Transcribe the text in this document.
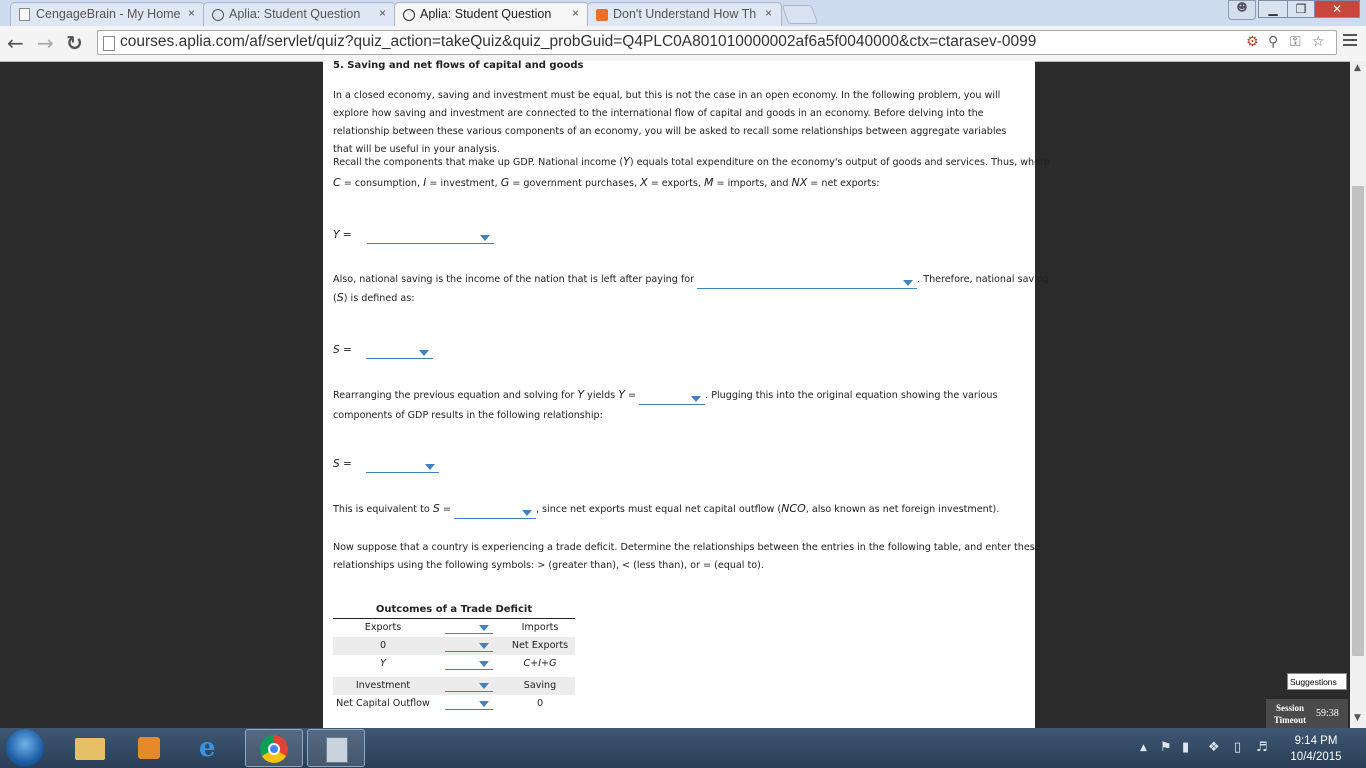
CengageBrain - My Home ×	Aplia: Student Question ×	Aplia: Student Question ×	Don't Understand How Th ×	☻	▁	❐	✕
← → ↻ courses.aplia.com/af/servlet/quiz?quiz_action=takeQuiz&quiz_probGuid=Q4PLC0A801010000002af6a5f0040000&ctx=ctarasev-0099	⚙ ⚲ ⚿ ☆
5. Saving and net flows of capital and goods
In a closed economy, saving and investment must be equal, but this is not the case in an open economy. In the following problem, you will explore how saving and investment are connected to the international flow of capital and goods in an economy. Before delving into the relationship between these various components of an economy, you will be asked to recall some relationships between aggregate variables that will be useful in your analysis.
Recall the components that make up GDP. National income (Y) equals total expenditure on the economy's output of goods and services. Thus, where
C = consumption, I = investment, G = government purchases, X = exports, M = imports, and NX = net exports:
Y =
Also, national saving is the income of the nation that is left after paying for	. Therefore, national saving
(S) is defined as:
S =
Rearranging the previous equation and solving for Y yields Y =	. Plugging this into the original equation showing the various
components of GDP results in the following relationship:
S =
This is equivalent to S =	, since net exports must equal net capital outflow (NCO, also known as net foreign investment).
Now suppose that a country is experiencing a trade deficit. Determine the relationships between the entries in the following table, and enter these
relationships using the following symbols: > (greater than), < (less than), or = (equal to).
Outcomes of a Trade Deficit
Exports	Imports
0	Net Exports
Y	C+I+G
Investment	Saving
Net Capital Outflow	0
▲
▼
Suggestions
Session Timeout
59:38
e	▲ ⚑ ▮ ❖ ▯ ♬	9:14 PM
10/4/2015
